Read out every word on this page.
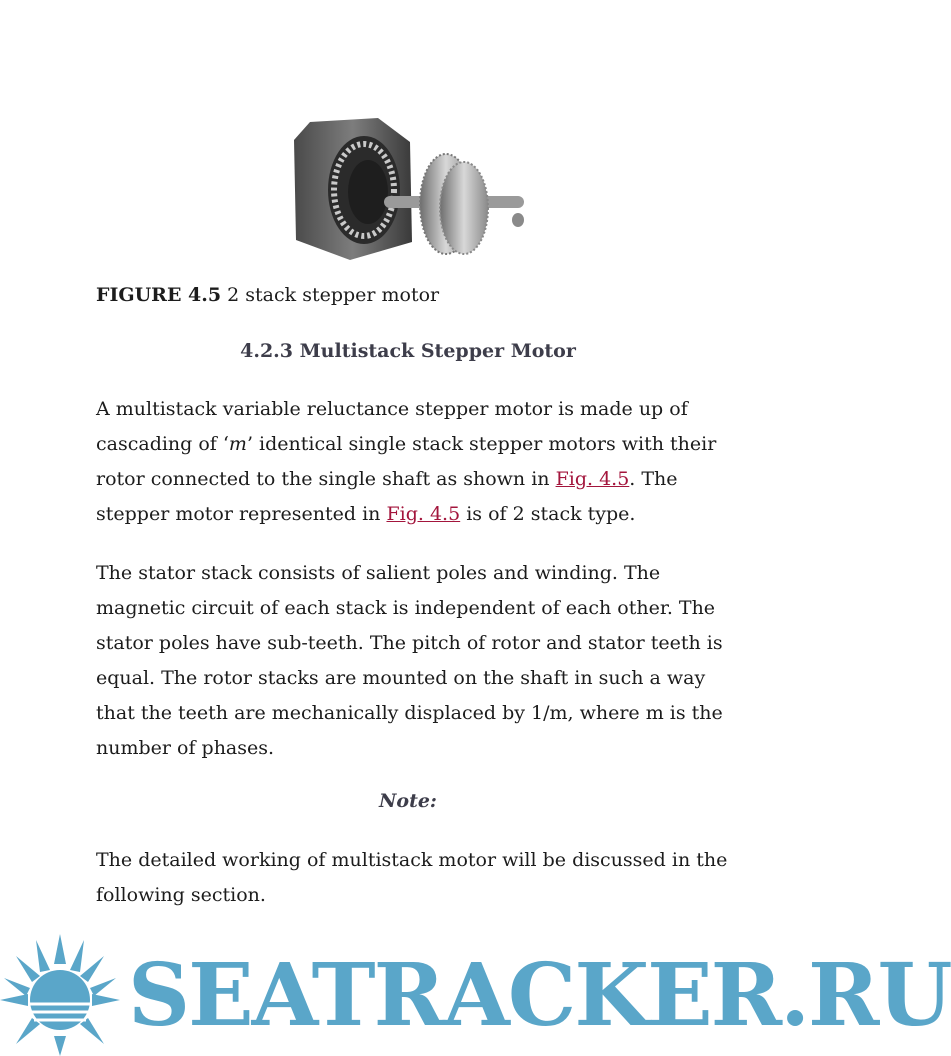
FIGURE 4.5 2 stack stepper motor
4.2.3 Multistack Stepper Motor

A multistack variable reluctance stepper motor is made up of cascading of ‘m’ identical single stack stepper motors with their rotor connected to the single shaft as shown in Fig. 4.5. The stepper motor represented in Fig. 4.5 is of 2 stack type.

The stator stack consists of salient poles and winding. The magnetic circuit of each stack is independent of each other. The stator poles have sub-teeth. The pitch of rotor and stator teeth is equal. The rotor stacks are mounted on the shaft in such a way that the teeth are mechanically displaced by 1/m, where m is the number of phases.

Note:

The detailed working of multistack motor will be discussed in the following section.

SEATRACKER.RU
